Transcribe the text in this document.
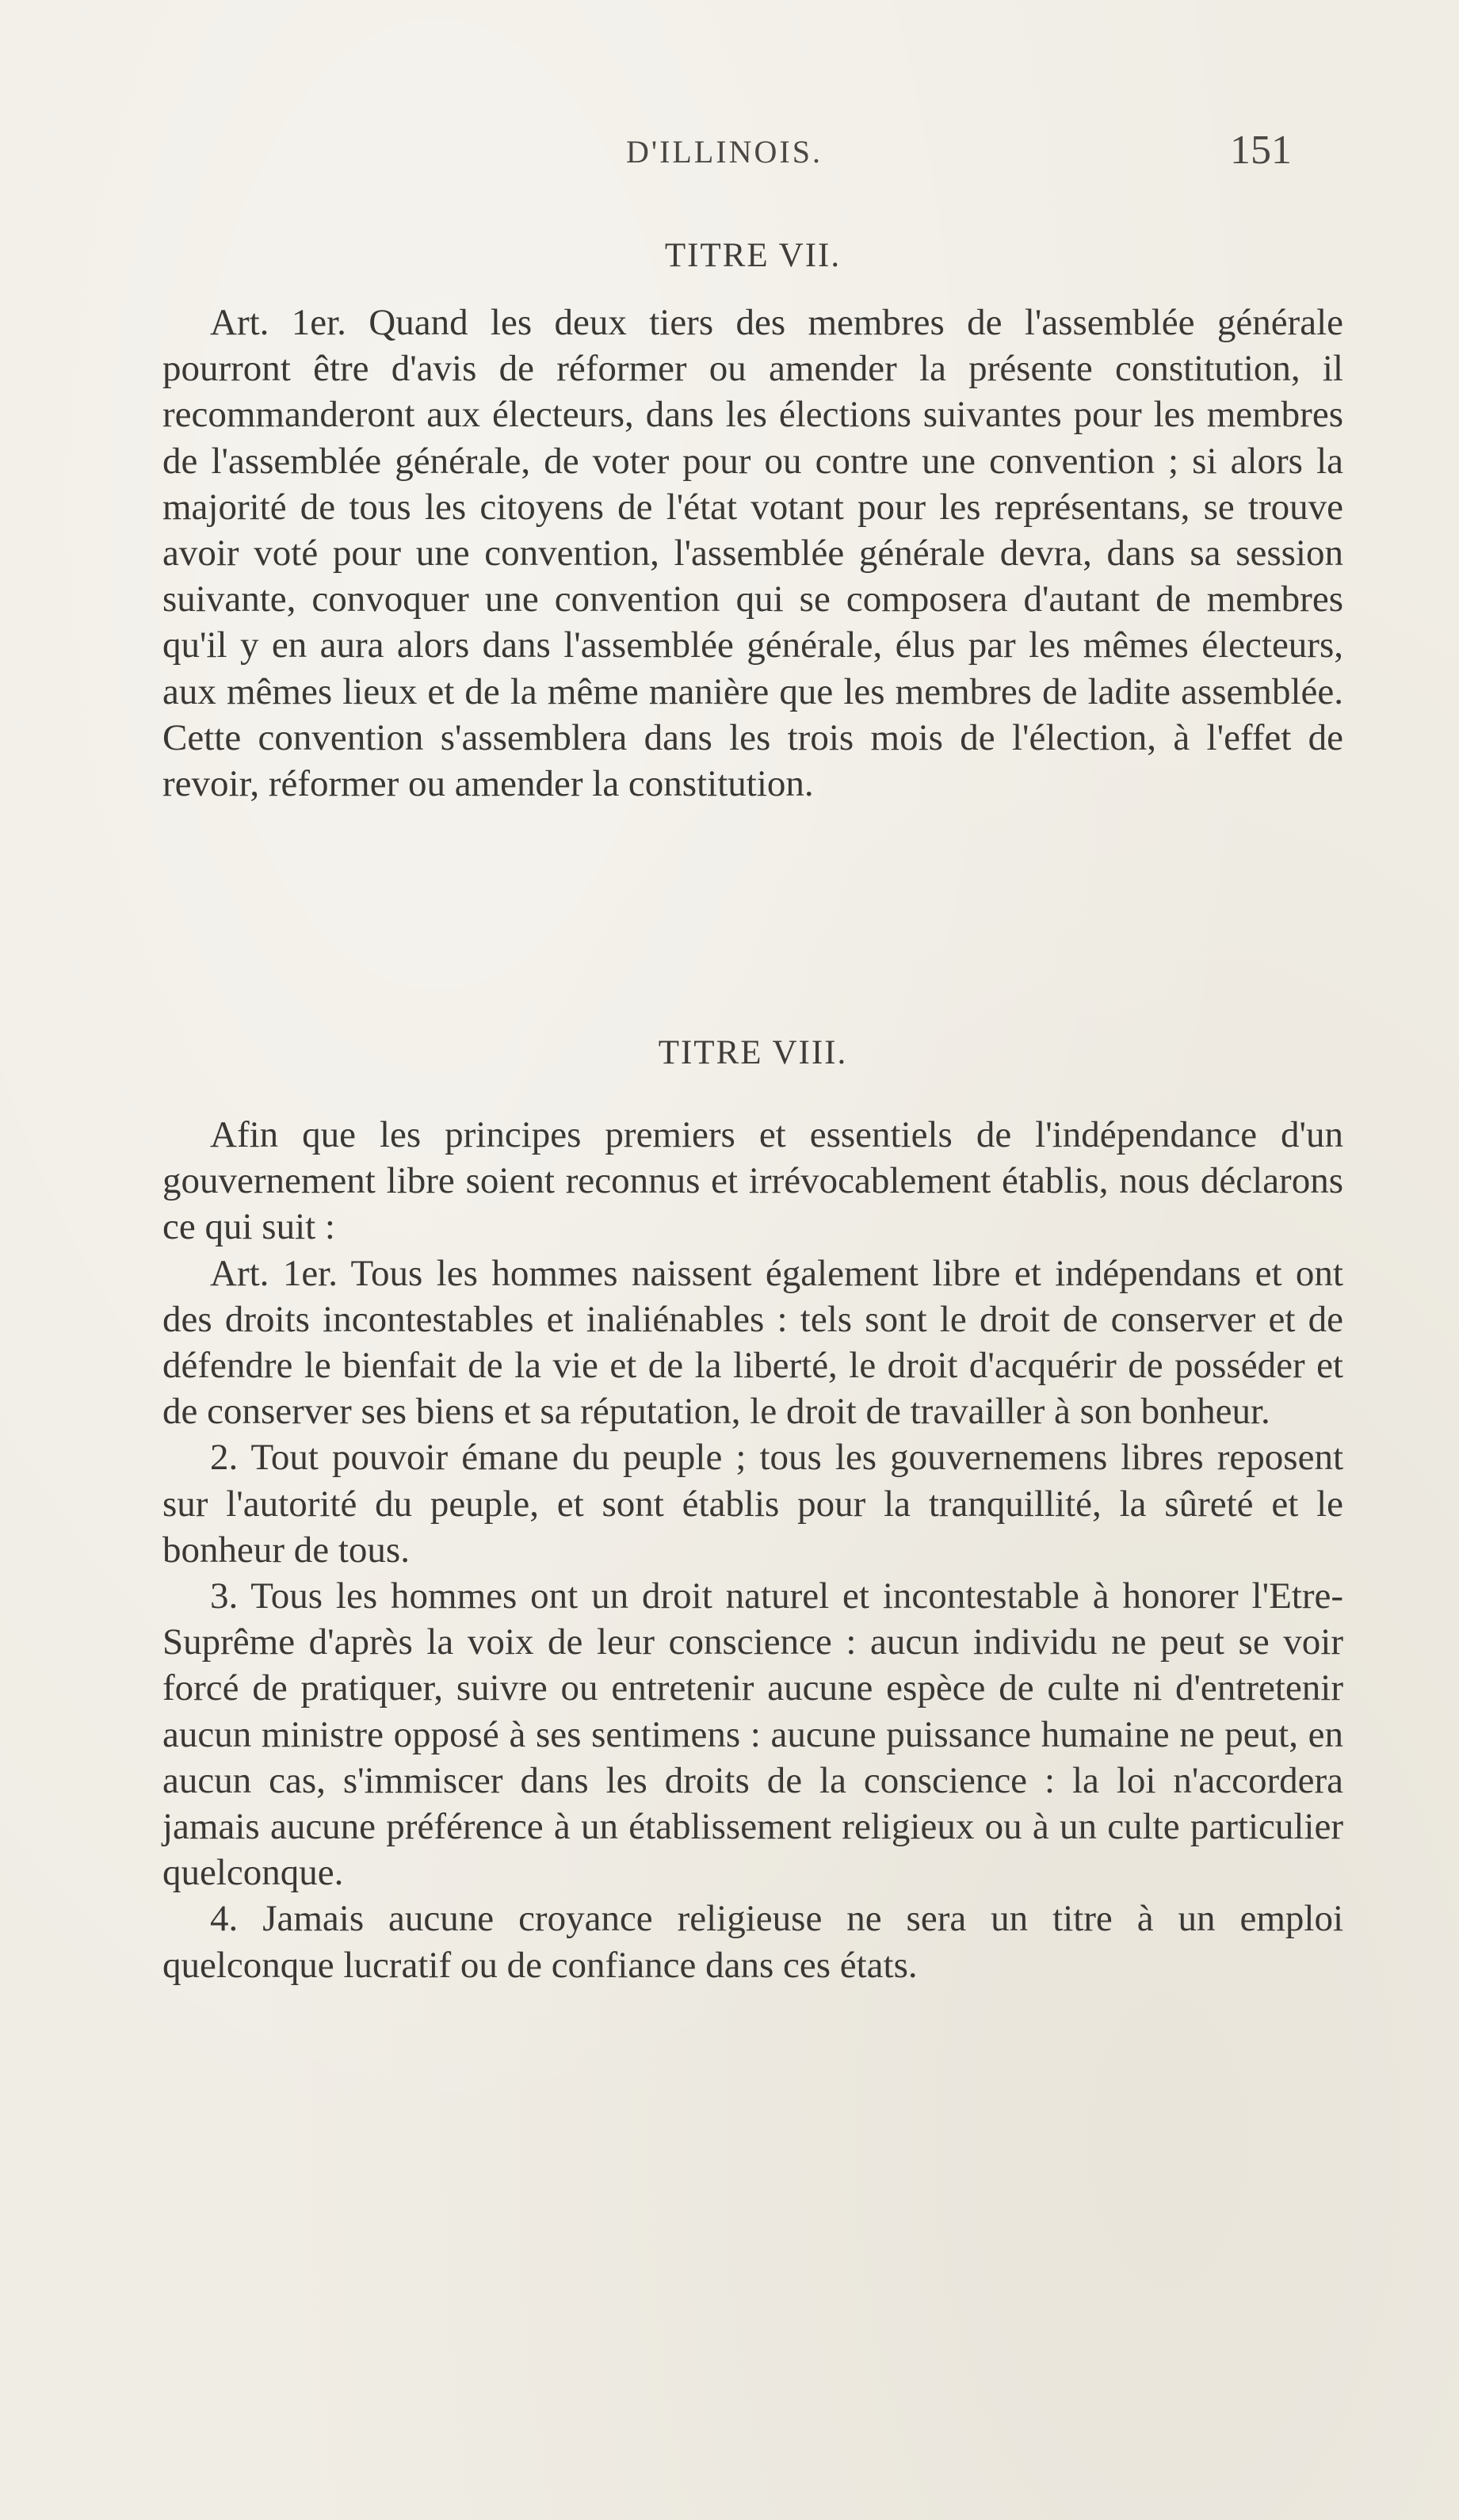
D'ILLINOIS.	151
TITRE VII.

Art. 1er. Quand les deux tiers des membres de l'assemblée générale pourront être d'avis de réformer ou amender la présente constitution, il recommanderont aux électeurs, dans les élections suivantes pour les membres de l'assemblée générale, de voter pour ou contre une convention ; si alors la majorité de tous les citoyens de l'état votant pour les représentans, se trouve avoir voté pour une convention, l'assemblée générale devra, dans sa session suivante, convoquer une convention qui se composera d'autant de membres qu'il y en aura alors dans l'assemblée générale, élus par les mêmes électeurs, aux mêmes lieux et de la même manière que les membres de ladite assemblée. Cette convention s'assemblera dans les trois mois de l'élection, à l'effet de revoir, réformer ou amender la constitution.

TITRE VIII.

Afin que les principes premiers et essentiels de l'indépendance d'un gouvernement libre soient reconnus et irrévocablement établis, nous déclarons ce qui suit :

Art. 1er. Tous les hommes naissent également libre et indépendans et ont des droits incontestables et inaliénables : tels sont le droit de conserver et de défendre le bienfait de la vie et de la liberté, le droit d'acquérir de posséder et de conserver ses biens et sa réputation, le droit de travailler à son bonheur.

2. Tout pouvoir émane du peuple ; tous les gouvernemens libres reposent sur l'autorité du peuple, et sont établis pour la tranquillité, la sûreté et le bonheur de tous.

3. Tous les hommes ont un droit naturel et incontestable à honorer l'Etre-Suprême d'après la voix de leur conscience : aucun individu ne peut se voir forcé de pratiquer, suivre ou entretenir aucune espèce de culte ni d'entretenir aucun ministre opposé à ses sentimens : aucune puissance humaine ne peut, en aucun cas, s'immiscer dans les droits de la conscience : la loi n'accordera jamais aucune préférence à un établissement religieux ou à un culte particulier quelconque.

4. Jamais aucune croyance religieuse ne sera un titre à un emploi quelconque lucratif ou de confiance dans ces états.
